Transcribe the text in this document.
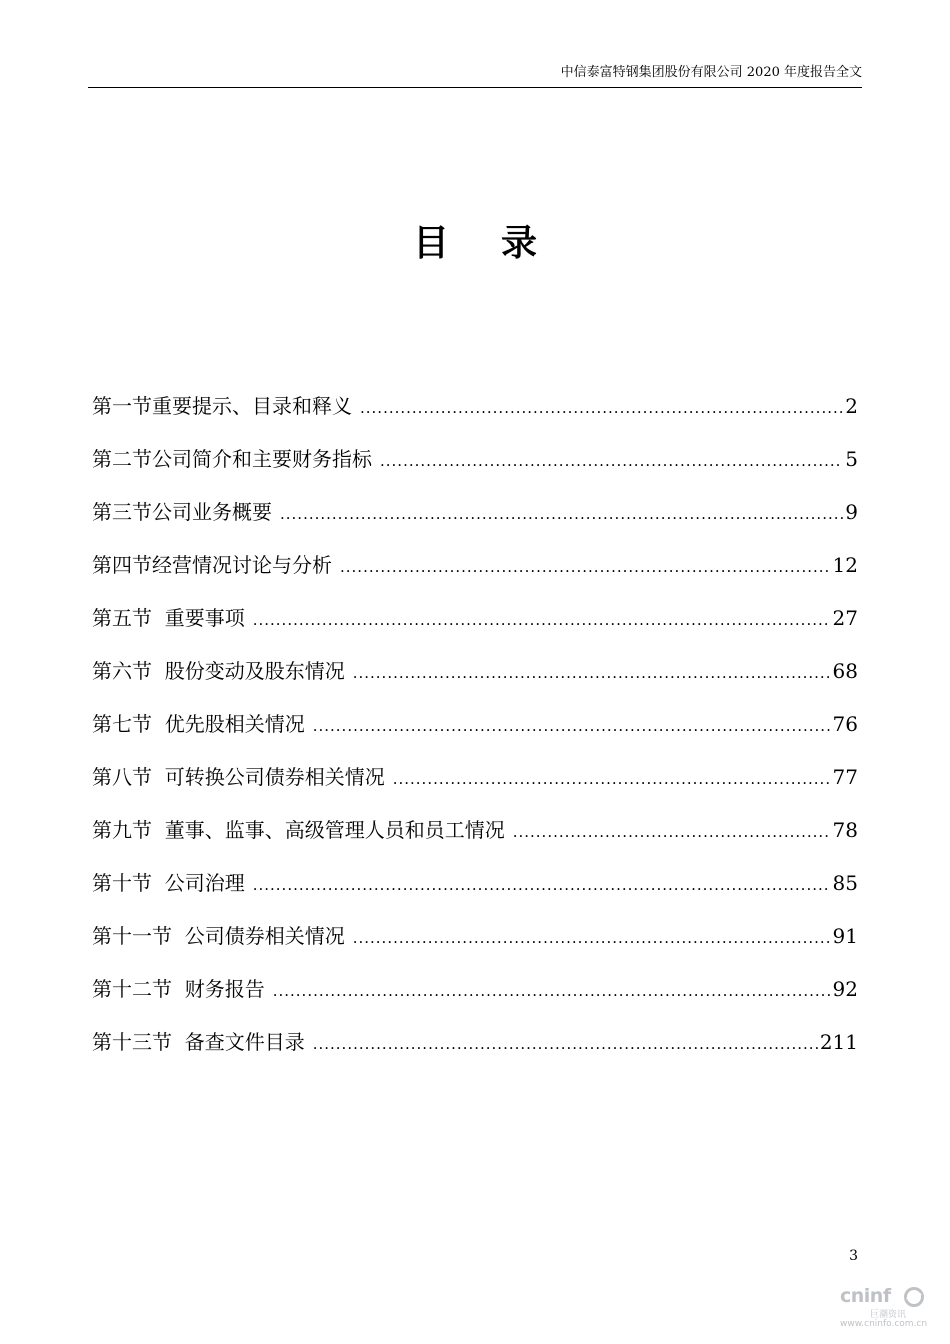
中信泰富特钢集团股份有限公司 2020 年度报告全文
目录
第一节重要提示、目录和释义 .....	2
第二节公司简介和主要财务指标 .....	5
第三节公司业务概要 .....	9
第四节经营情况讨论与分析 .....	12
第五节  重要事项 .....	27
第六节  股份变动及股东情况 .....	68
第七节  优先股相关情况 .....	76
第八节  可转换公司债券相关情况 .....	77
第九节  董事、监事、高级管理人员和员工情况 .....	78
第十节  公司治理 .....	85
第十一节  公司债券相关情况 .....	91
第十二节  财务报告 .....	92
第十三节  备查文件目录 .....	211
3
cninf
巨潮资讯
www.cninfo.com.cn
